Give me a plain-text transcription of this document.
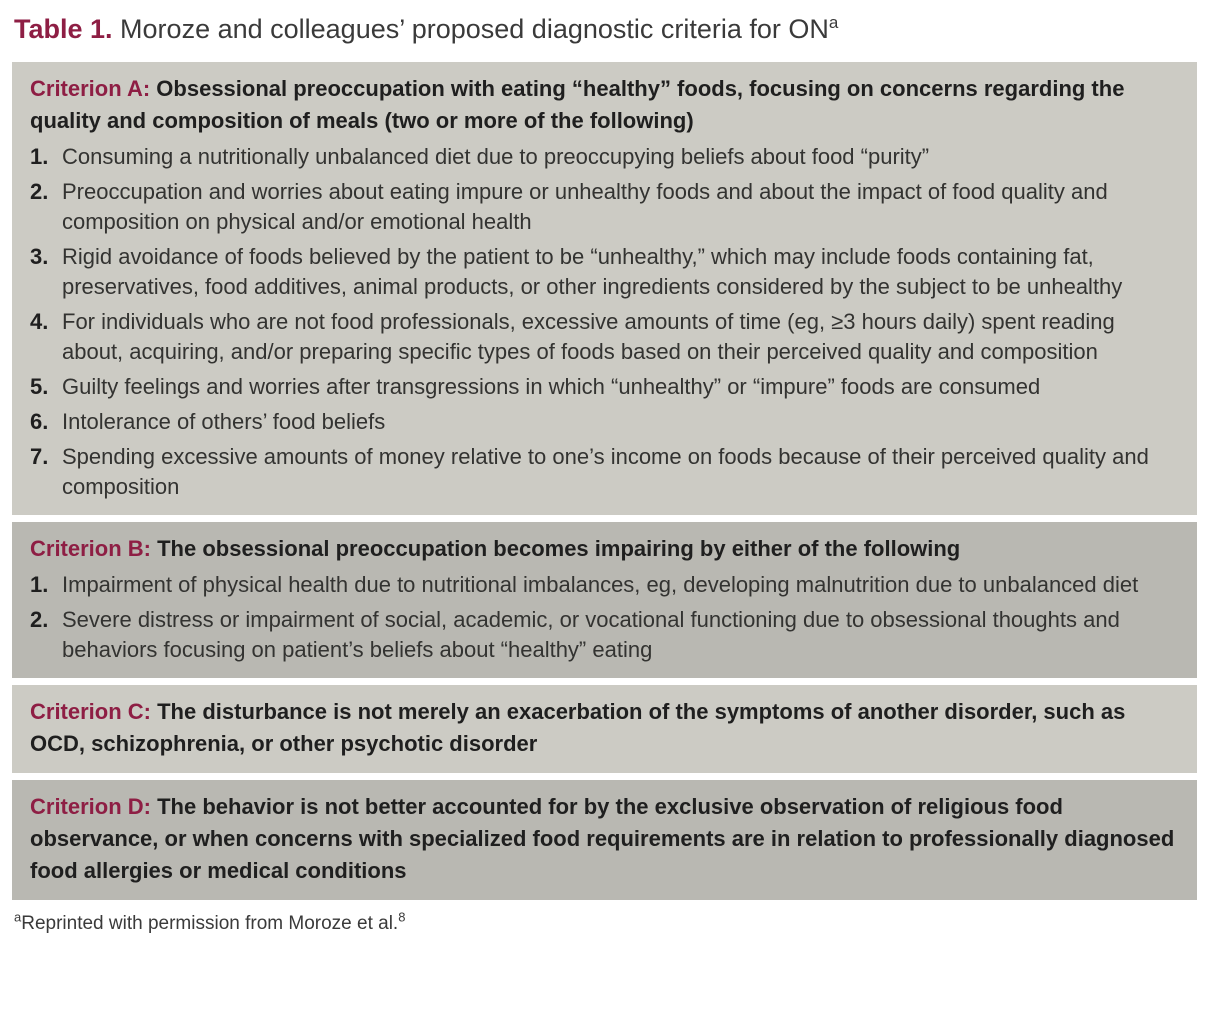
Table 1. Moroze and colleagues’ proposed diagnostic criteria for $ON^a$

Criterion A: Obsessional preoccupation with eating “healthy” foods, focusing on concerns regarding the quality and composition of meals (two or more of the following)

1. Consuming a nutritionally unbalanced diet due to preoccupying beliefs about food “purity”
2. Preoccupation and worries about eating impure or unhealthy foods and about the impact of food quality and composition on physical and/or emotional health
3. Rigid avoidance of foods believed by the patient to be “unhealthy,” which may include foods containing fat, preservatives, food additives, animal products, or other ingredients considered by the subject to be unhealthy
4. For individuals who are not food professionals, excessive amounts of time (eg, ≥3 hours daily) spent reading about, acquiring, and/or preparing specific types of foods based on their perceived quality and composition
5. Guilty feelings and worries after transgressions in which “unhealthy” or “impure” foods are consumed
6. Intolerance of others’ food beliefs
7. Spending excessive amounts of money relative to one’s income on foods because of their perceived quality and composition

Criterion B: The obsessional preoccupation becomes impairing by either of the following

1. Impairment of physical health due to nutritional imbalances, eg, developing malnutrition due to unbalanced diet
2. Severe distress or impairment of social, academic, or vocational functioning due to obsessional thoughts and behaviors focusing on patient’s beliefs about “healthy” eating

Criterion C: The disturbance is not merely an exacerbation of the symptoms of another disorder, such as OCD, schizophrenia, or other psychotic disorder

Criterion D: The behavior is not better accounted for by the exclusive observation of religious food observance, or when concerns with specialized food requirements are in relation to professionally diagnosed food allergies or medical conditions

$^a$Reprinted with permission from Moroze et al.$^8$
